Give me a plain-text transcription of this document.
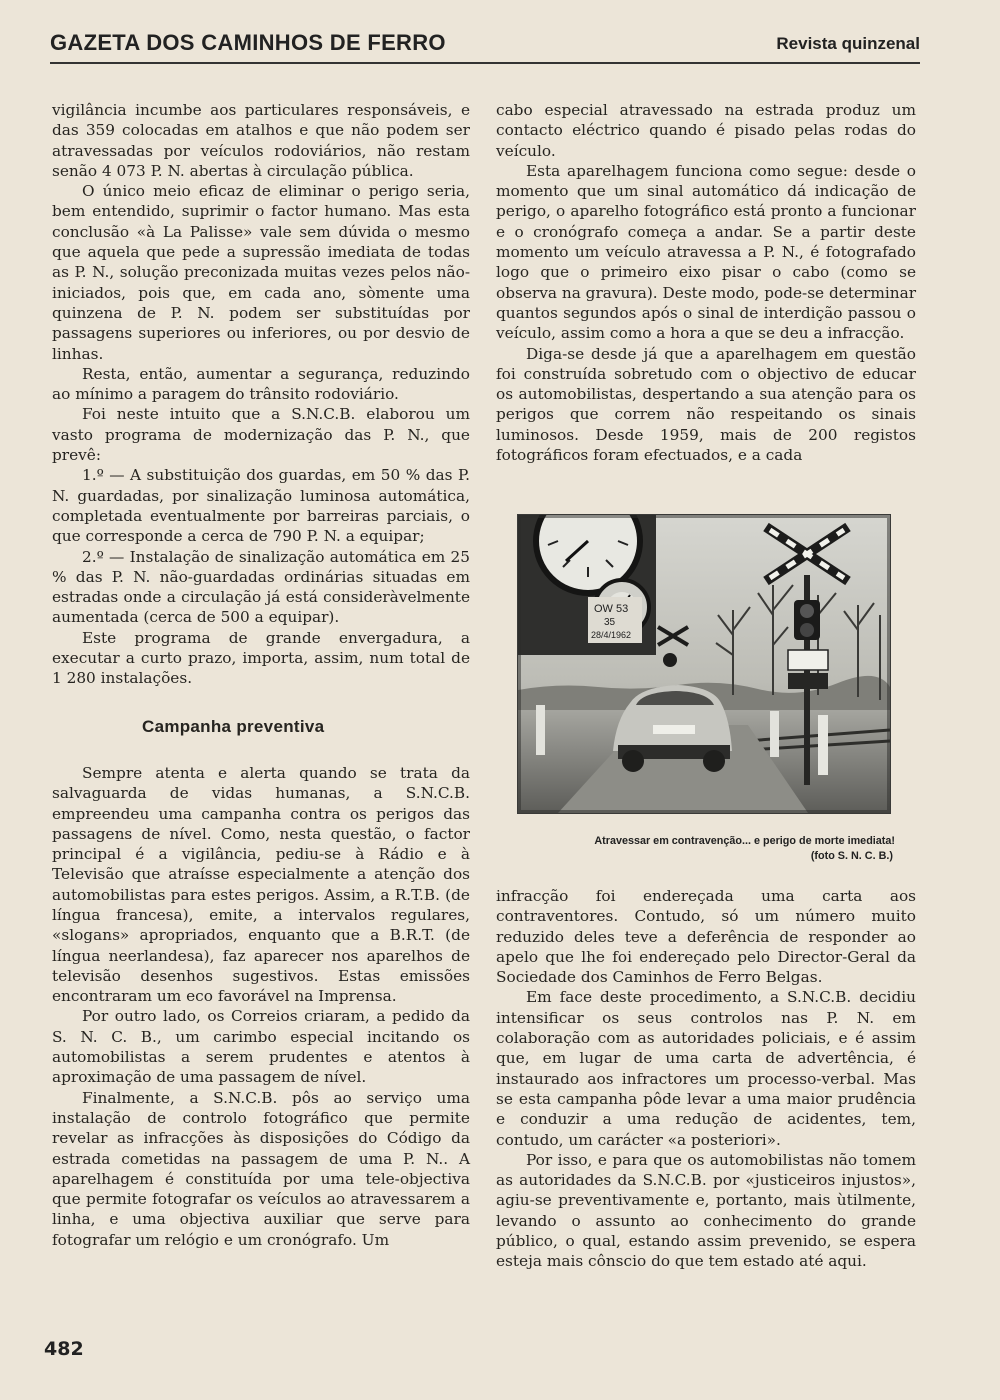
GAZETA DOS CAMINHOS DE FERRO	Revista quinzenal

vigilância incumbe aos particulares responsáveis, e das 359 colocadas em atalhos e que não podem ser atravessadas por veículos rodoviários, não restam senão 4 073 P. N. abertas à circulação pública.

O único meio eficaz de eliminar o perigo seria, bem entendido, suprimir o factor humano. Mas esta conclusão «à La Palisse» vale sem dúvida o mesmo que aquela que pede a supressão imediata de todas as P. N., solução preconizada muitas vezes pelos não-iniciados, pois que, em cada ano, sòmente uma quinzena de P. N. podem ser substituídas por passagens superiores ou inferiores, ou por desvio de linhas.

Resta, então, aumentar a segurança, reduzindo ao mínimo a paragem do trânsito rodoviário.

Foi neste intuito que a S.N.C.B. elaborou um vasto programa de modernização das P. N., que prevê:

1.º — A substituição dos guardas, em 50 % das P. N. guardadas, por sinalização luminosa automática, completada eventualmente por barreiras parciais, o que corresponde a cerca de 790 P. N. a equipar;

2.º — Instalação de sinalização automática em 25 % das P. N. não-guardadas ordinárias situadas em estradas onde a circulação já está consideràvelmente aumentada (cerca de 500 a equipar).

Este programa de grande envergadura, a executar a curto prazo, importa, assim, num total de 1 280 instalações.

Campanha preventiva

Sempre atenta e alerta quando se trata da salvaguarda de vidas humanas, a S.N.C.B. empreendeu uma campanha contra os perigos das passagens de nível. Como, nesta questão, o factor principal é a vigilância, pediu-se à Rádio e à Televisão que atraísse especialmente a atenção dos automobilistas para estes perigos. Assim, a R.T.B. (de língua francesa), emite, a intervalos regulares, «slogans» apropriados, enquanto que a B.R.T. (de língua neerlandesa), faz aparecer nos aparelhos de televisão desenhos sugestivos. Estas emissões encontraram um eco favorável na Imprensa.

Por outro lado, os Correios criaram, a pedido da S. N. C. B., um carimbo especial incitando os automobilistas a serem prudentes e atentos à aproximação de uma passagem de nível.

Finalmente, a S.N.C.B. pôs ao serviço uma instalação de controlo fotográfico que permite revelar as infracções às disposições do Código da estrada cometidas na passagem de uma P. N.. A aparelhagem é constituída por uma tele-objectiva que permite fotografar os veículos ao atravessarem a linha, e uma objectiva auxiliar que serve para fotografar um relógio e um cronógrafo. Um

cabo especial atravessado na estrada produz um contacto eléctrico quando é pisado pelas rodas do veículo.

Esta aparelhagem funciona como segue: desde o momento que um sinal automático dá indicação de perigo, o aparelho fotográfico está pronto a funcionar e o cronógrafo começa a andar. Se a partir deste momento um veículo atravessa a P. N., é fotografado logo que o primeiro eixo pisar o cabo (como se observa na gravura). Deste modo, pode-se determinar quantos segundos após o sinal de interdição passou o veículo, assim como a hora a que se deu a infracção.

Diga-se desde já que a aparelhagem em questão foi construída sobretudo com o objectivo de educar os automobilistas, despertando a sua atenção para os perigos que correm não respeitando os sinais luminosos. Desde 1959, mais de 200 registos fotográficos foram efectuados, e a cada

OW 53
35
28/4/1962
Atravessar em contravenção... e perigo de morte imediata!
(foto S. N. C. B.)

infracção foi endereçada uma carta aos contraventores. Contudo, só um número muito reduzido deles teve a deferência de responder ao apelo que lhe foi endereçado pelo Director-Geral da Sociedade dos Caminhos de Ferro Belgas.

Em face deste procedimento, a S.N.C.B. decidiu intensificar os seus controlos nas P. N. em colaboração com as autoridades policiais, e é assim que, em lugar de uma carta de advertência, é instaurado aos infractores um processo-verbal. Mas se esta campanha pôde levar a uma maior prudência e conduzir a uma redução de acidentes, tem, contudo, um carácter «a posteriori».

Por isso, e para que os automobilistas não tomem as autoridades da S.N.C.B. por «justiceiros injustos», agiu-se preventivamente e, portanto, mais ùtilmente, levando o assunto ao conhecimento do grande público, o qual, estando assim prevenido, se espera esteja mais cônscio do que tem estado até aqui.

482
